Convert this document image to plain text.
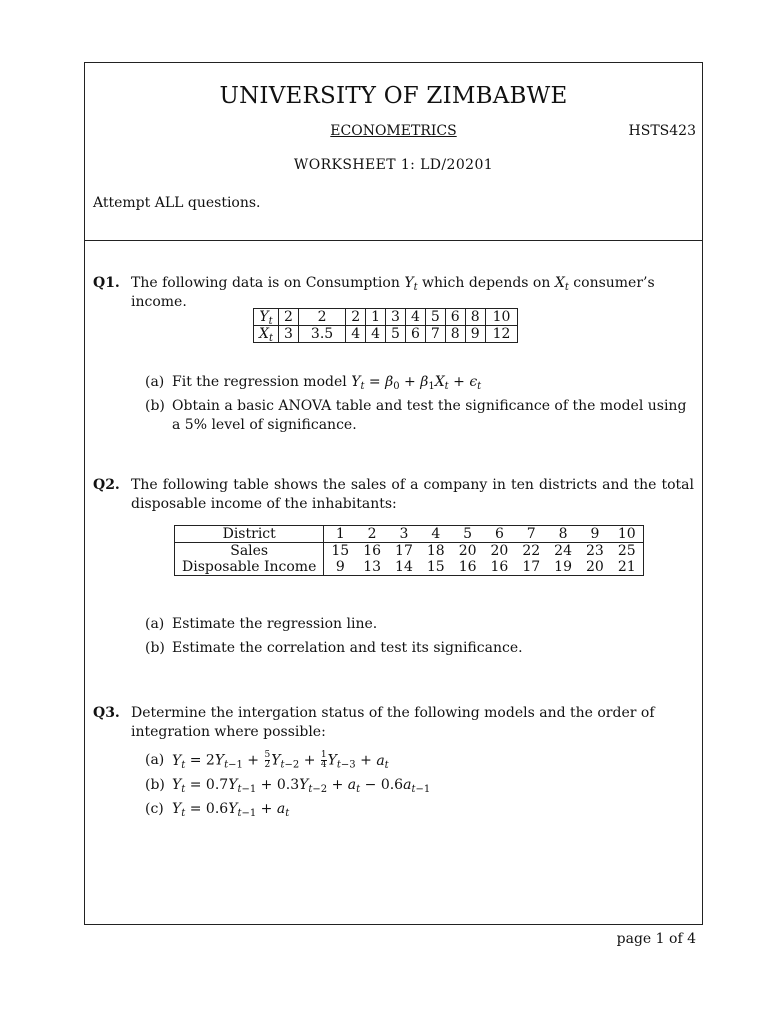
UNIVERSITY OF ZIMBABWE
ECONOMETRICS	HSTS423
WORKSHEET 1: LD/20201
Attempt ALL questions.
Q1. The following data is on Consumption $Y_t$ which depends on $X_t$ consumer’s income.
$Y_t$	2	2	2	1	3	4	5	6	8	10
$X_t$	3	3.5	4	4	5	6	7	8	9	12
(a) Fit the regression model $Y_t = \beta_0 + \beta_1X_t + \epsilon_t$
(b) Obtain a basic ANOVA table and test the significance of the model using a 5% level of significance.
Q2. The following table shows the sales of a company in ten districts and the total disposable income of the inhabitants:
District	1	2	3	4	5	6	7	8	9	10
Sales	15	16	17	18	20	20	22	24	23	25
Disposable Income	9	13	14	15	16	16	17	19	20	21
(a) Estimate the regression line.
(b) Estimate the correlation and test its significance.
Q3. Determine the intergation status of the following models and the order of integration where possible:
(a) $Y_t = 2Y_{t-1} + \frac{5}{2} Y_{t-2} + \frac{1}{4} Y_{t-3} + a_t$
(b) $Y_t = 0.7Y_{t-1} + 0.3Y_{t-2} + a_t - 0.6a_{t-1}$
(c) $Y_t = 0.6Y_{t-1} + a_t$
page 1 of 4
